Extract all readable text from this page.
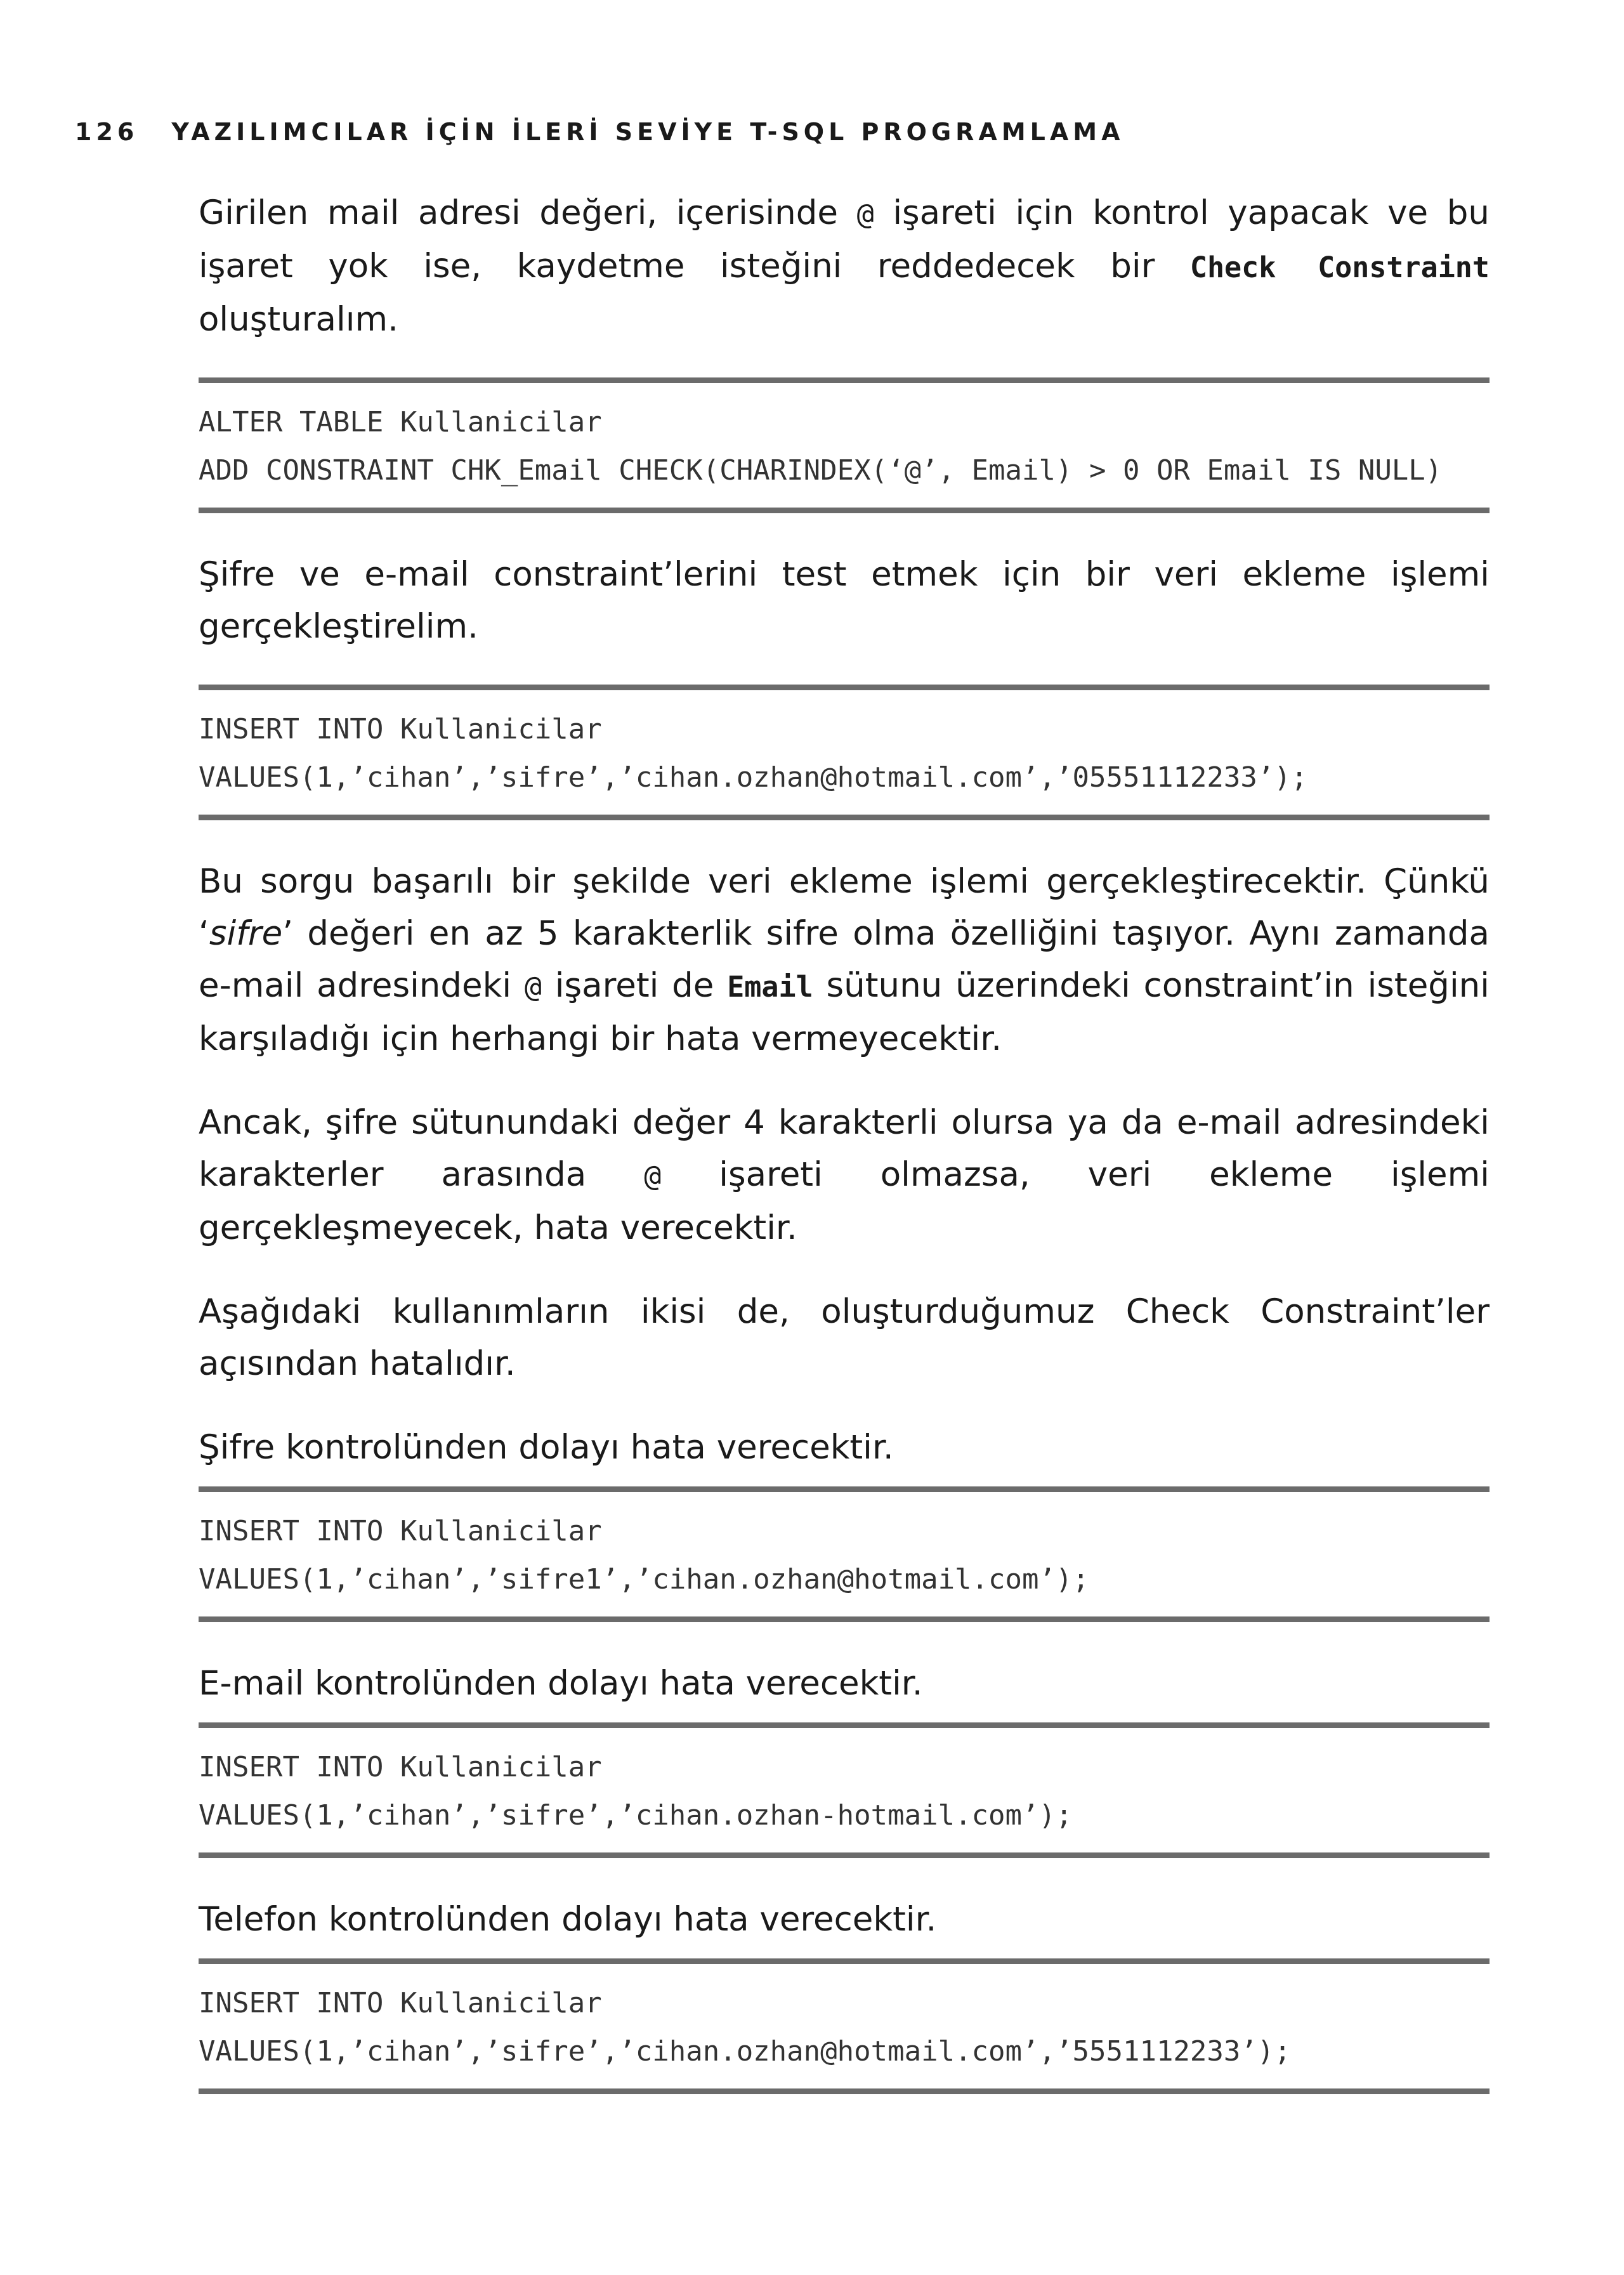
126 YAZILIMCILAR İÇİN İLERİ SEVİYE T-SQL PROGRAMLAMA

Girilen mail adresi değeri, içerisinde @ işareti için kontrol yapacak ve bu işaret yok ise, kaydetme isteğini reddedecek bir Check Constraint oluşturalım.

ALTER TABLE Kullanicilar
ADD CONSTRAINT CHK_Email CHECK(CHARINDEX(‘@’, Email) > 0 OR Email IS NULL)

Şifre ve e-mail constraint’lerini test etmek için bir veri ekleme işlemi gerçekleştirelim.

INSERT INTO Kullanicilar
VALUES(1,’cihan’,’sifre’,’cihan.ozhan@hotmail.com’,’05551112233’);

Bu sorgu başarılı bir şekilde veri ekleme işlemi gerçekleştirecektir. Çünkü ‘sifre’ değeri en az 5 karakterlik sifre olma özelliğini taşıyor. Aynı zamanda e-mail adresindeki @ işareti de Email sütunu üzerindeki constraint’in isteğini karşıladığı için herhangi bir hata vermeyecektir.

Ancak, şifre sütunundaki değer 4 karakterli olursa ya da e-mail adresindeki karakterler arasında @ işareti olmazsa, veri ekleme işlemi gerçekleşmeyecek, hata verecektir.

Aşağıdaki kullanımların ikisi de, oluşturduğumuz Check Constraint’ler açısından hatalıdır.

Şifre kontrolünden dolayı hata verecektir.

INSERT INTO Kullanicilar
VALUES(1,’cihan’,’sifre1’,’cihan.ozhan@hotmail.com’);

E-mail kontrolünden dolayı hata verecektir.

INSERT INTO Kullanicilar
VALUES(1,’cihan’,’sifre’,’cihan.ozhan-hotmail.com’);

Telefon kontrolünden dolayı hata verecektir.

INSERT INTO Kullanicilar
VALUES(1,’cihan’,’sifre’,’cihan.ozhan@hotmail.com’,’5551112233’);
